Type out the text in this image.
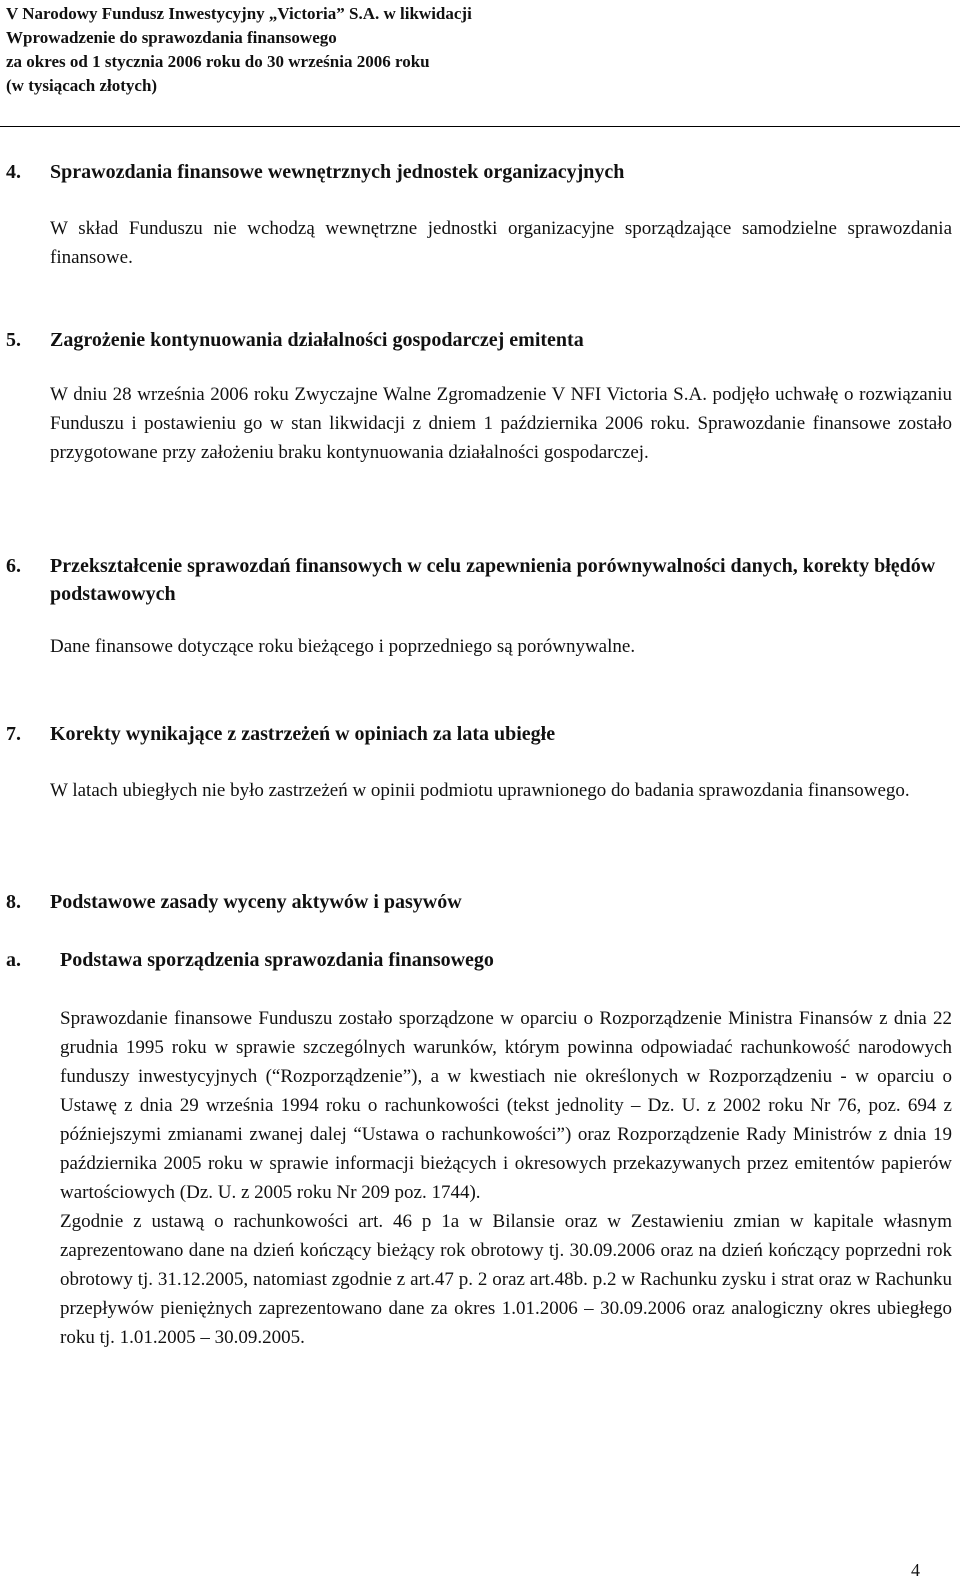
V Narodowy Fundusz Inwestycyjny „Victoria” S.A. w likwidacji
Wprowadzenie do sprawozdania finansowego
za okres od 1 stycznia 2006 roku do 30 września 2006 roku
(w tysiącach złotych)
4.	Sprawozdania finansowe wewnętrznych jednostek organizacyjnych
W skład Funduszu nie wchodzą wewnętrzne jednostki organizacyjne sporządzające samodzielne sprawozdania finansowe.
5.	Zagrożenie kontynuowania działalności gospodarczej emitenta
W dniu 28 września 2006 roku Zwyczajne Walne Zgromadzenie V NFI Victoria S.A. podjęło uchwałę o rozwiązaniu Funduszu i postawieniu go w stan likwidacji z dniem 1 października 2006 roku. Sprawozdanie finansowe zostało przygotowane przy założeniu braku kontynuowania działalności gospodarczej.
6.	Przekształcenie sprawozdań finansowych w celu zapewnienia porównywalności danych, korekty błędów podstawowych
Dane finansowe dotyczące roku bieżącego i poprzedniego są porównywalne.
7.	Korekty wynikające z zastrzeżeń w opiniach za lata ubiegłe
W latach ubiegłych nie było zastrzeżeń w opinii podmiotu uprawnionego do badania sprawozdania finansowego.
8.	Podstawowe zasady wyceny aktywów i pasywów
a.	Podstawa sporządzenia sprawozdania finansowego

Sprawozdanie finansowe Funduszu zostało sporządzone w oparciu o Rozporządzenie Ministra Finansów z dnia 22 grudnia 1995 roku w sprawie szczególnych warunków, którym powinna odpowiadać rachunkowość narodowych funduszy inwestycyjnych (“Rozporządzenie”), a w kwestiach nie określonych w Rozporządzeniu - w oparciu o Ustawę z dnia 29 września 1994 roku o rachunkowości (tekst jednolity – Dz. U. z 2002 roku Nr 76, poz. 694 z późniejszymi zmianami zwanej dalej “Ustawa o rachunkowości”) oraz Rozporządzenie Rady Ministrów z dnia 19 października 2005 roku w sprawie informacji bieżących i okresowych przekazywanych przez emitentów papierów wartościowych (Dz. U. z 2005 roku Nr 209 poz. 1744).

Zgodnie z ustawą o rachunkowości art. 46 p 1a w Bilansie oraz w Zestawieniu zmian w kapitale własnym zaprezentowano dane na dzień kończący bieżący rok obrotowy tj. 30.09.2006 oraz na dzień kończący poprzedni rok obrotowy tj. 31.12.2005, natomiast zgodnie z art.47 p. 2 oraz art.48b. p.2 w Rachunku zysku i strat oraz w Rachunku przepływów pieniężnych zaprezentowano dane za okres 1.01.2006 – 30.09.2006 oraz analogiczny okres ubiegłego roku tj. 1.01.2005 – 30.09.2005.

4
